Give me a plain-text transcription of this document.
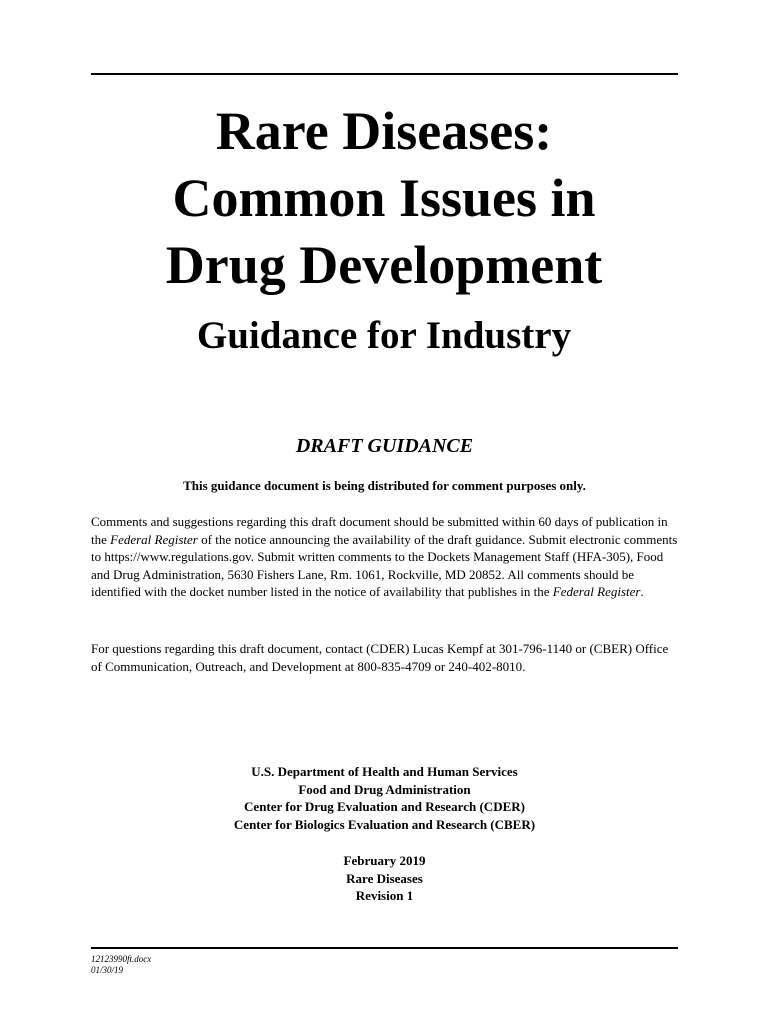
Rare Diseases:
Common Issues in
Drug Development
Guidance for Industry
DRAFT GUIDANCE
This guidance document is being distributed for comment purposes only.
Comments and suggestions regarding this draft document should be submitted within 60 days of publication in the Federal Register of the notice announcing the availability of the draft guidance. Submit electronic comments to https://www.regulations.gov. Submit written comments to the Dockets Management Staff (HFA-305), Food and Drug Administration, 5630 Fishers Lane, Rm. 1061, Rockville, MD 20852. All comments should be identified with the docket number listed in the notice of availability that publishes in the Federal Register.
For questions regarding this draft document, contact (CDER) Lucas Kempf at 301-796-1140 or (CBER) Office of Communication, Outreach, and Development at 800-835-4709 or 240-402-8010.
U.S. Department of Health and Human Services
Food and Drug Administration
Center for Drug Evaluation and Research (CDER)
Center for Biologics Evaluation and Research (CBER)
February 2019
Rare Diseases
Revision 1
12123990ft.docx
01/30/19
